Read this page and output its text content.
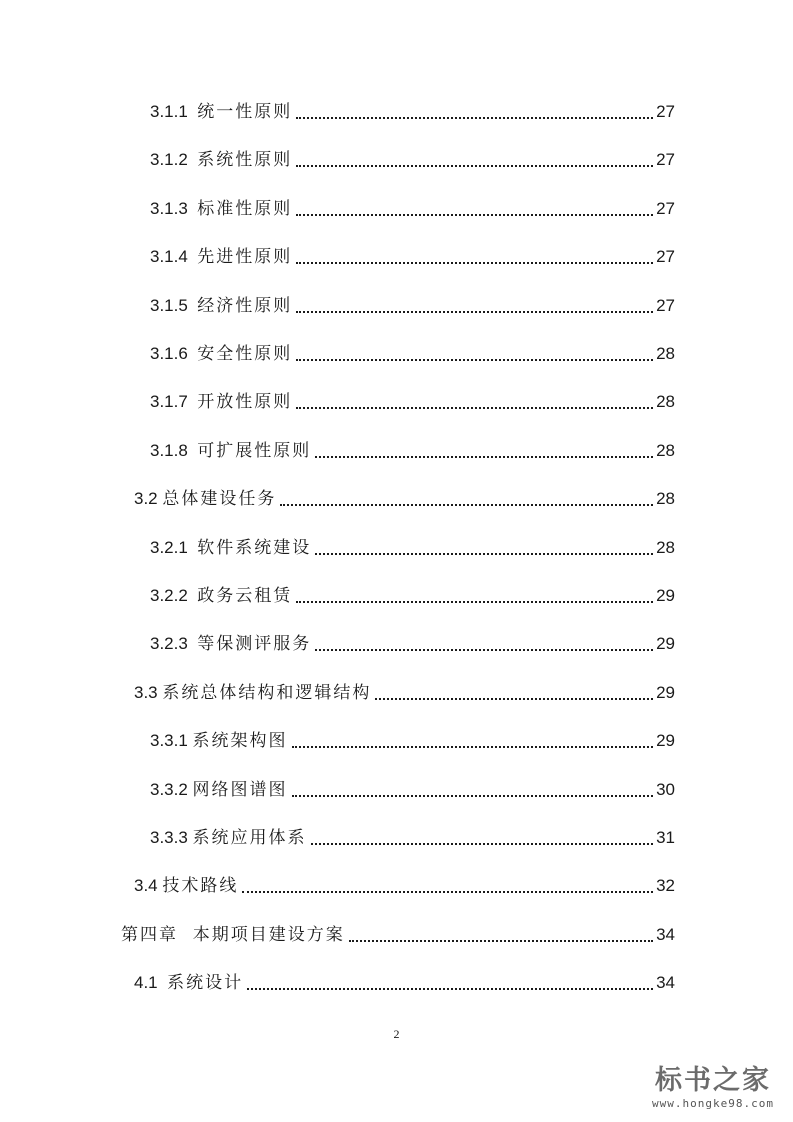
3.1.1 统一性原则	27
3.1.2 系统性原则	27
3.1.3 标准性原则	27
3.1.4 先进性原则	27
3.1.5 经济性原则	27
3.1.6 安全性原则	28
3.1.7 开放性原则	28
3.1.8 可扩展性原则	28
3.2 总体建设任务	28
3.2.1 软件系统建设	28
3.2.2 政务云租赁	29
3.2.3 等保测评服务	29
3.3 系统总体结构和逻辑结构	29
3.3.1 系统架构图	29
3.3.2 网络图谱图	30
3.3.3 系统应用体系	31
3.4 技术路线	32
第四章  本期项目建设方案	34
4.1 系统设计	34
2
标书之家
www.hongke98.com
